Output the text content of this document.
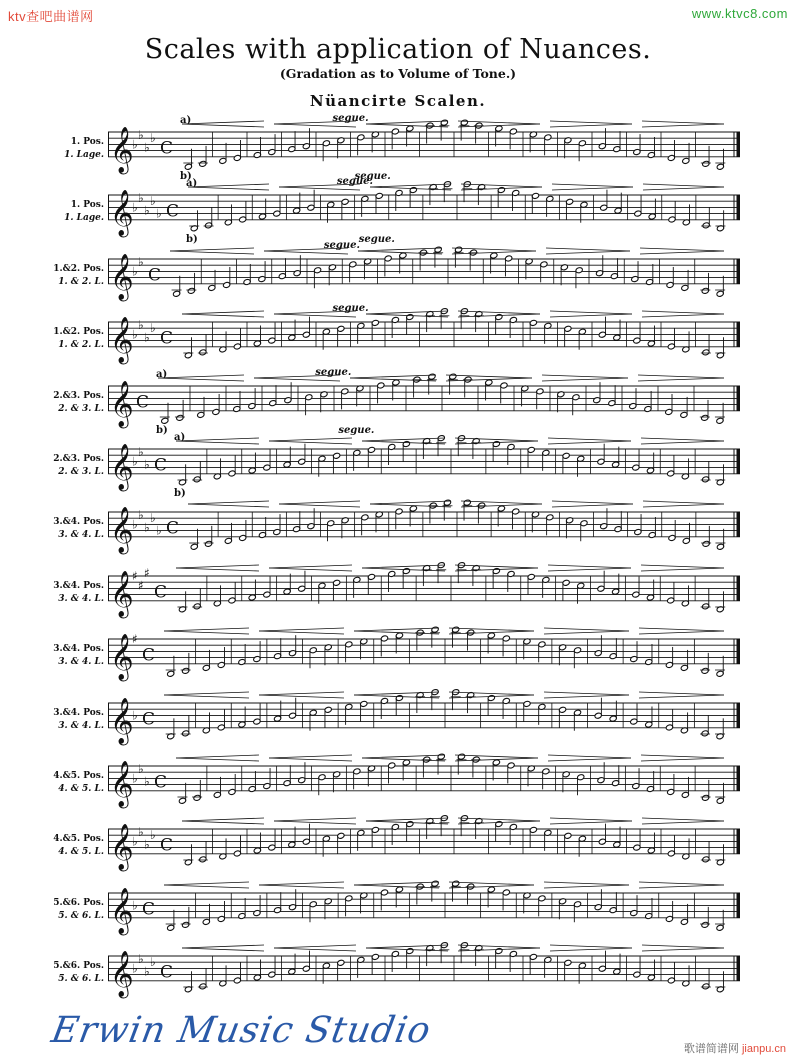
ktv查吧曲谱网	www.ktvc8.com
Scales with application of Nuances.
(Gradation as to Volume of Tone.)
Nüancirte Scalen.
1. Pos.
1. Lage. 𝄞
♭
♭
♭
♭
C
a)
b)
segue.
segue.
1. Pos.
1. Lage. 𝄞
♭
♭
♭
♭
♭ C
a)
b)
segue.
segue.
1.&2. Pos.
1. & 2. L. 𝄞
♭
♭
C
segue.
1.&2. Pos.
1. & 2. L. 𝄞
♭
♭
♭
♭
C
segue.
2.&3. Pos.
2. & 3. L. 𝄞 C
a)
b)
segue.
segue.
2.&3. Pos.
2. & 3. L. 𝄞
♭
♭
♭ C
a)
b)
3.&4. Pos.
3. & 4. L. 𝄞
♭
♭
♭
♭
♭ C
3.&4. Pos.
3. & 4. L. 𝄞
♯
♯
♯
C
3.&4. Pos.
3. & 4. L. 𝄞
♯
C
3.&4. Pos.
3. & 4. L. 𝄞
♭ C
4.&5. Pos.
4. & 5. L. 𝄞
♭
♭
♭ C
4.&5. Pos.
4. & 5. L. 𝄞
♭
♭
♭
♭
C
5.&6. Pos.
5. & 6. L. 𝄞
♭ C
5.&6. Pos.
5. & 6. L. 𝄞
♭
♭
♭
♭
C
Erwin Music Studio	歌谱简谱网 jianpu.cn
